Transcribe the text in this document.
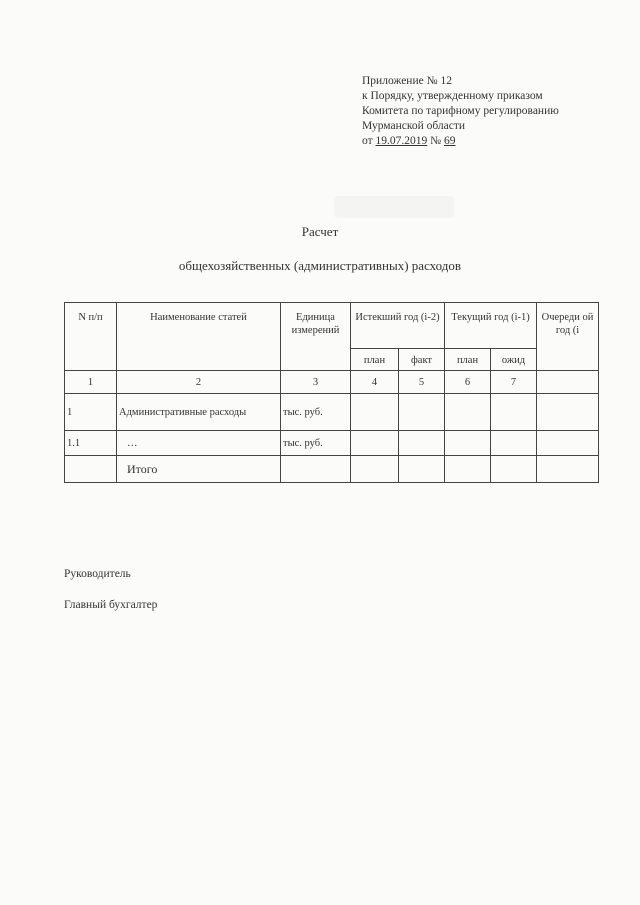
Приложение № 12
к Порядку, утвержденному приказом
Комитета по тарифному регулированию
Мурманской области
от 19.07.2019 № 69
Расчет
общехозяйственных (административных) расходов
N п/п	Наименование статей	Единица измерений	Истекший год (i-2)		Текущий год (i-1)		Очереди ой год (i
			план	факт	план	ожид	
1	2	3	4	5	6	7	
1	Административные расходы	тыс. руб.					
1.1	…	тыс. руб.					
	Итого						
Руководитель
Главный бухгалтер
